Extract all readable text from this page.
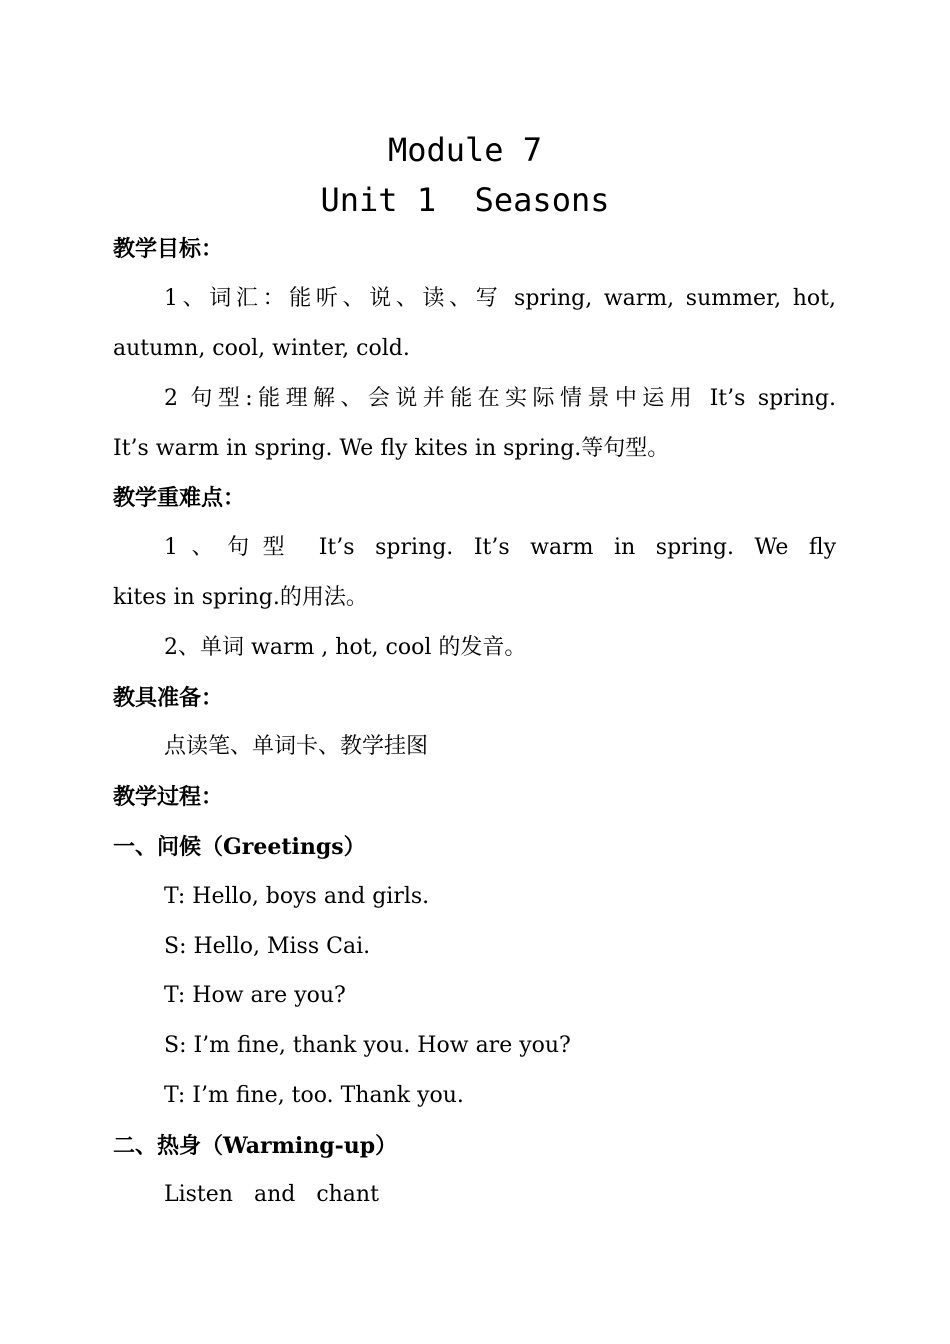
Module 7
Unit 1  Seasons
教学目标：
1、词汇：能听、说、读、写 spring, warm, summer, hot,
autumn, cool, winter, cold.
2 句型:能理解、会说并能在实际情景中运用 It’s spring.
It’s warm in spring. We fly kites in spring.等句型。
教学重难点：
1、句型 It’s spring. It’s warm in spring. We fly
kites in spring.的用法。
2、单词 warm , hot, cool 的发音。
教具准备：
点读笔、单词卡、教学挂图
教学过程：
一、问候（Greetings）
T: Hello, boys and girls.
S: Hello, Miss Cai.
T: How are you?
S: I’m fine, thank you. How are you?
T: I’m fine, too. Thank you.
二、热身（Warming-up）
Listen and chant
